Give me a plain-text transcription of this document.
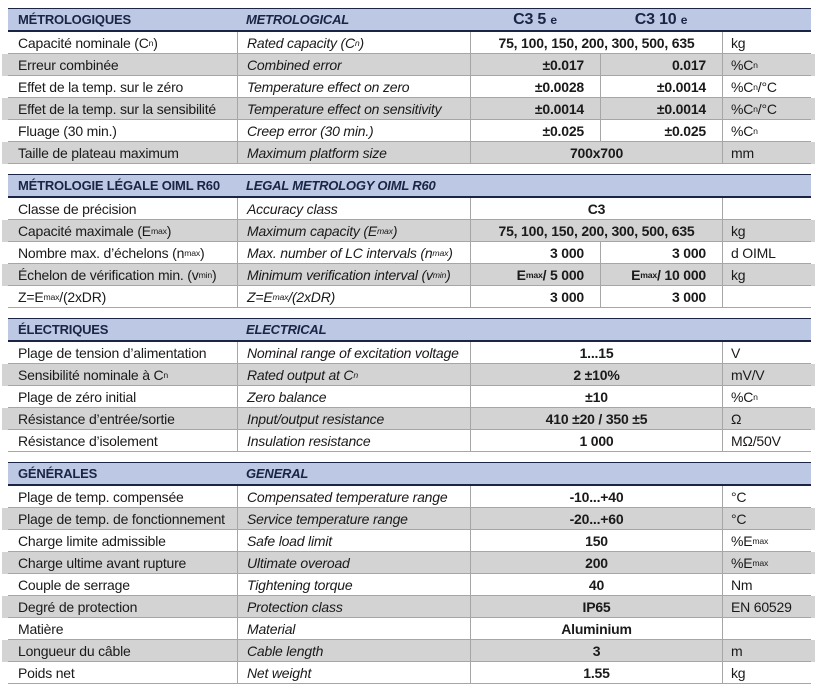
MÉTROLOGIQUES	METROLOGICAL	C3 5 e	C3 10 e
Capacité nominale (C n )	Rated capacity (C n )	75, 100, 150, 200, 300, 500, 635	kg
Erreur combinée	Combined error	±0.017	0.017	%C n
Effet de la temp. sur le zéro	Temperature effect on zero	±0.0028	±0.0014	%C n /°C
Effet de la temp. sur la sensibilité	Temperature effect on sensitivity	±0.0014	±0.0014	%C n /°C
Fluage (30 min.)	Creep error (30 min.)	±0.025	±0.025	%C n
Taille de plateau maximum	Maximum platform size	700x700	mm
MÉTROLOGIE LÉGALE OIML R60	LEGAL METROLOGY OIML R60
Classe de précision	Accuracy class	C3
Capacité maximale (E max )	Maximum capacity (E max )	75, 100, 150, 200, 300, 500, 635	kg
Nombre max. d’échelons (n max )	Max. number of LC intervals (n max )	3 000	3 000	d OIML
Échelon de vérification min. (v min )	Minimum verification interval (v min )	E max / 5 000	E max / 10 000	kg
Z=E max /(2xDR)	Z=E max /(2xDR)	3 000	3 000
ÉLECTRIQUES	ELECTRICAL
Plage de tension d’alimentation	Nominal range of excitation voltage	1...15	V
Sensibilité nominale à C n	Rated output at C n	2 ±10%	mV/V
Plage de zéro initial	Zero balance	±10	%C n
Résistance d’entrée/sortie	Input/output resistance	410 ±20 / 350 ±5	Ω
Résistance d’isolement	Insulation resistance	1 000	MΩ/50V
GÉNÉRALES	GENERAL
Plage de temp. compensée	Compensated temperature range	-10...+40	°C
Plage de temp. de fonctionnement	Service temperature range	-20...+60	°C
Charge limite admissible	Safe load limit	150	%E max
Charge ultime avant rupture	Ultimate overoad	200	%E max
Couple de serrage	Tightening torque	40	Nm
Degré de protection	Protection class	IP65	EN 60529
Matière	Material	Aluminium
Longueur du câble	Cable length	3	m
Poids net	Net weight	1.55	kg
